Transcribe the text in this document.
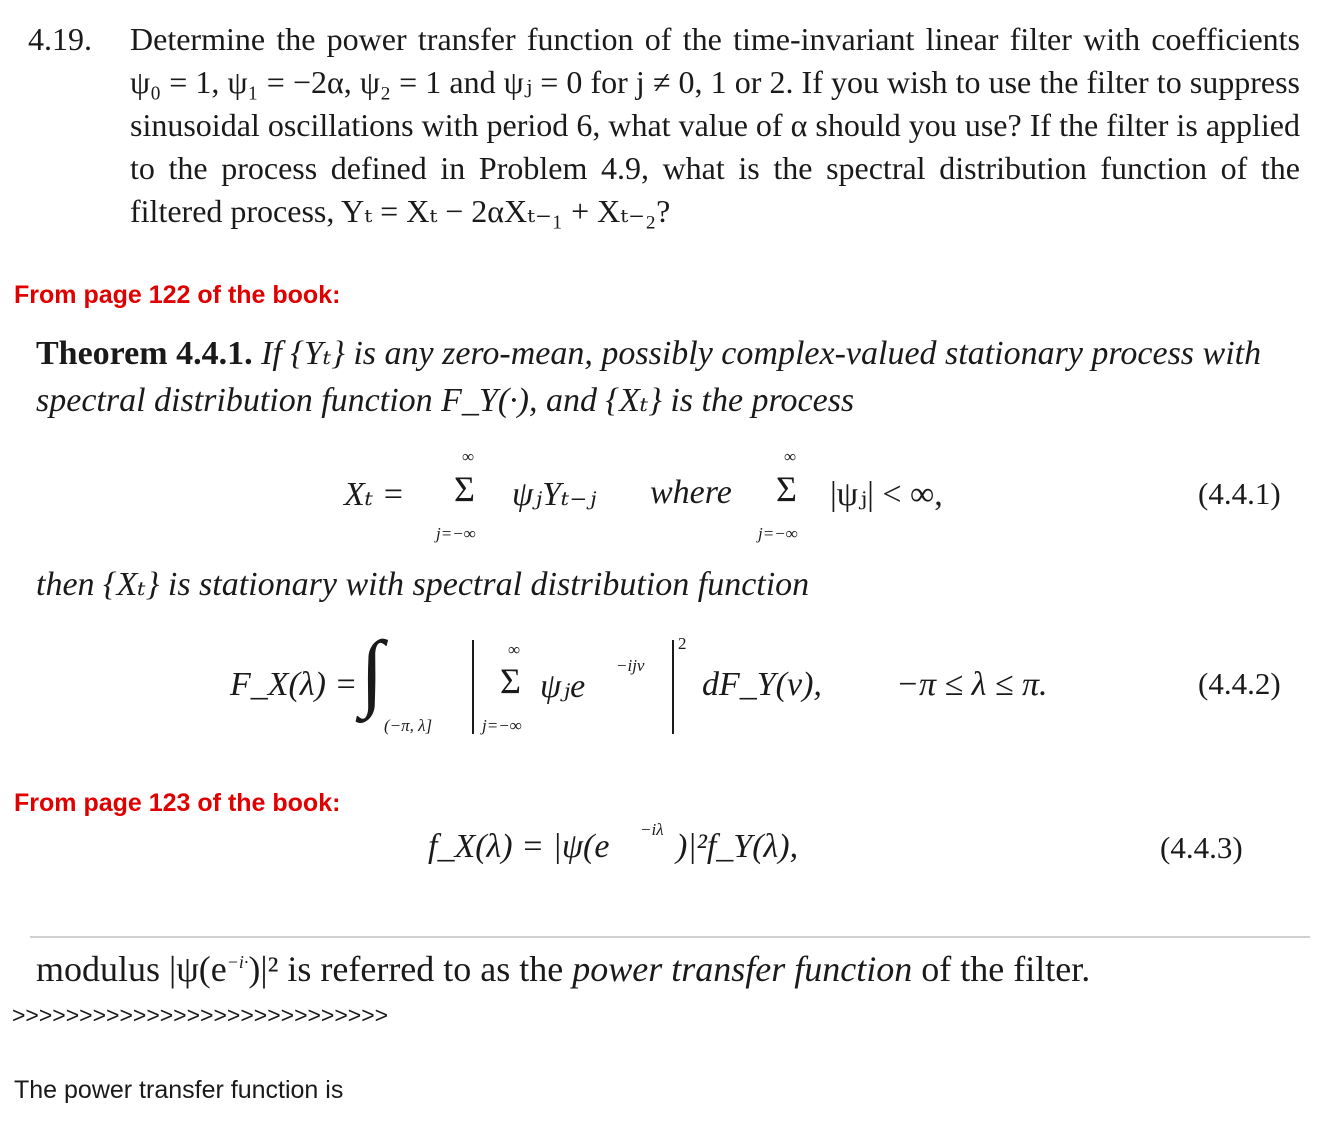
4.19. Determine the power transfer function of the time-invariant linear filter with coefficients ψ₀ = 1, ψ₁ = −2α, ψ₂ = 1 and ψⱼ = 0 for j ≠ 0, 1 or 2. If you wish to use the filter to suppress sinusoidal oscillations with period 6, what value of α should you use? If the filter is applied to the process defined in Problem 4.9, what is the spectral distribution function of the filtered process, Yₜ = Xₜ − 2αXₜ₋₁ + Xₜ₋₂?
From page 122 of the book:
Theorem 4.4.1. If {Yₜ} is any zero-mean, possibly complex-valued stationary process with spectral distribution function F_Y(·), and {Xₜ} is the process
Xₜ =
∞
Σ
j=−∞
ψⱼYₜ₋ⱼ where
∞
Σ
j=−∞
|ψⱼ| < ∞,	(4.4.1)
then {Xₜ} is stationary with spectral distribution function
F_X(λ) = ∫
(−π, λ]
∞
Σ
j=−∞
ψⱼe
−ijν
2
dF_Y(ν), −π ≤ λ ≤ π.	(4.4.2)
From page 123 of the book:
f_X(λ) = |ψ(e −iλ )|²f_Y(λ),	(4.4.3)
modulus $|\psi(e^{-i\cdot})|^2$ is referred to as the power transfer function of the filter.
>>>>>>>>>>>>>>>>>>>>>>>>>>>>
The power transfer function is
